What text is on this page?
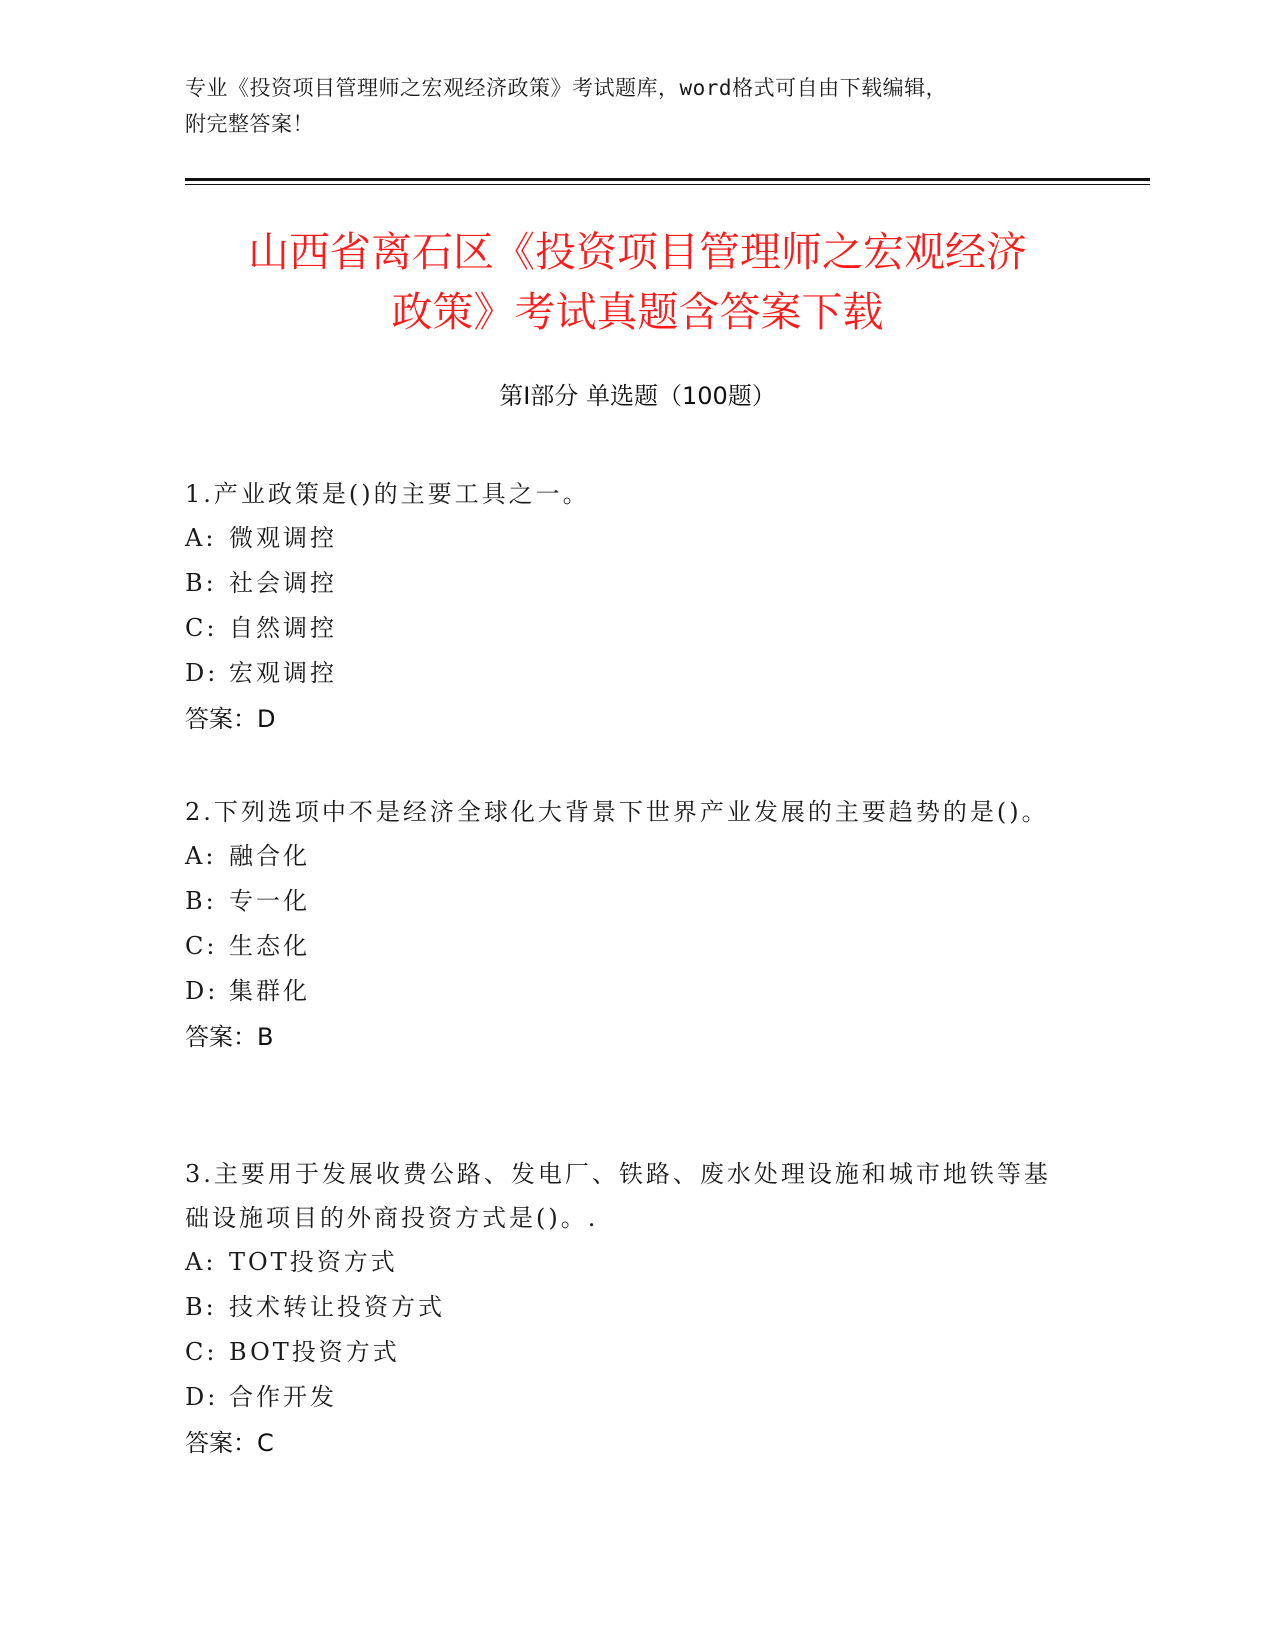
专业《投资项目管理师之宏观经济政策》考试题库，word格式可自由下载编辑，
附完整答案！
山西省离石区《投资项目管理师之宏观经济
政策》考试真题含答案下载
第Ⅰ部分 单选题（100题）

1.产业政策是()的主要工具之一。

A: 微观调控

B: 社会调控

C: 自然调控

D: 宏观调控

答案：D

2.下列选项中不是经济全球化大背景下世界产业发展的主要趋势的是()。

A: 融合化

B: 专一化

C: 生态化

D: 集群化

答案：B

3.主要用于发展收费公路、发电厂、铁路、废水处理设施和城市地铁等基础设施项目的外商投资方式是()。.

A: TOT投资方式

B: 技术转让投资方式

C: BOT投资方式

D: 合作开发

答案：C
